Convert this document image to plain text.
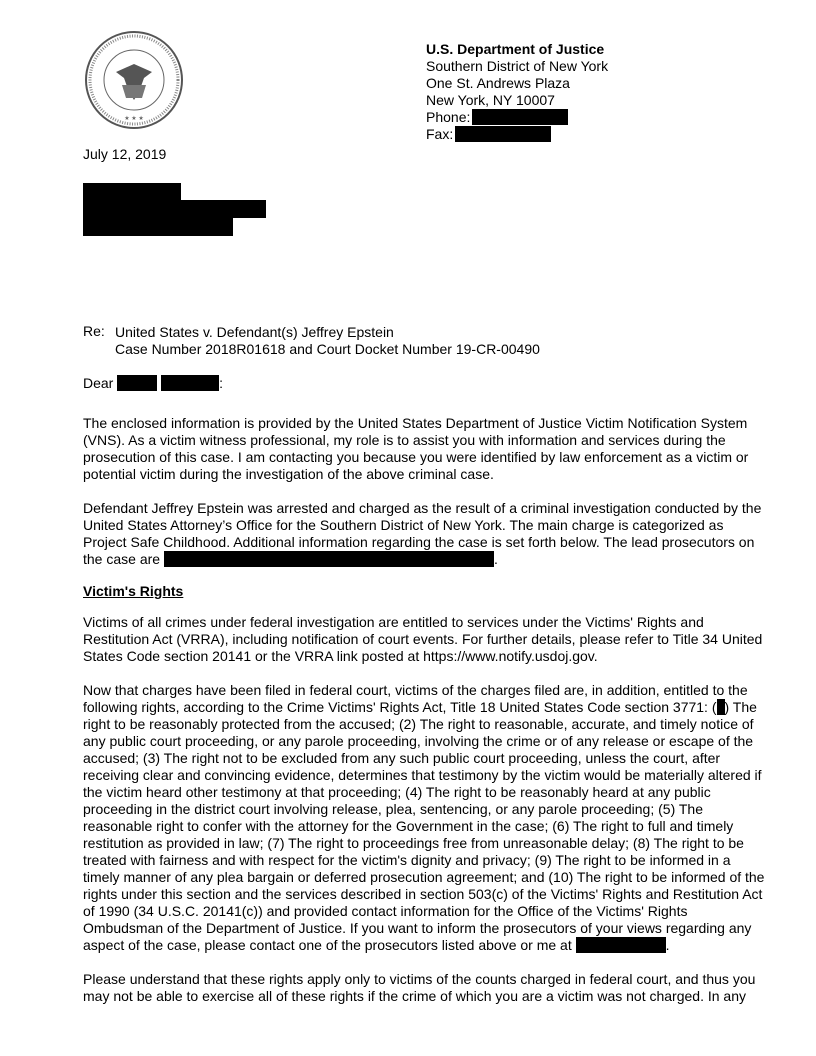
★ ★ ★
U.S. Department of Justice
Southern District of New York
One St. Andrews Plaza
New York, NY 10007
Phone:
Fax:
July 12, 2019
Re: United States v. Defendant(s) Jeffrey Epstein
Case Number 2018R01618 and Court Docket Number 19-CR-00490
Dear	:
The enclosed information is provided by the United States Department of Justice Victim Notification System
(VNS). As a victim witness professional, my role is to assist you with information and services during the
prosecution of this case. I am contacting you because you were identified by law enforcement as a victim or
potential victim during the investigation of the above criminal case.
Defendant Jeffrey Epstein was arrested and charged as the result of a criminal investigation conducted by the
United States Attorney’s Office for the Southern District of New York. The main charge is categorized as
Project Safe Childhood. Additional information regarding the case is set forth below. The lead prosecutors on
the case are	.
Victim's Rights
Victims of all crimes under federal investigation are entitled to services under the Victims' Rights and
Restitution Act (VRRA), including notification of court events. For further details, please refer to Title 34 United
States Code section 20141 or the VRRA link posted at https://www.notify.usdoj.gov.
Now that charges have been filed in federal court, victims of the charges filed are, in addition, entitled to the
following rights, according to the Crime Victims' Rights Act, Title 18 United States Code section 3771: ( ) The
right to be reasonably protected from the accused; (2) The right to reasonable, accurate, and timely notice of
any public court proceeding, or any parole proceeding, involving the crime or of any release or escape of the
accused; (3) The right not to be excluded from any such public court proceeding, unless the court, after
receiving clear and convincing evidence, determines that testimony by the victim would be materially altered if
the victim heard other testimony at that proceeding; (4) The right to be reasonably heard at any public
proceeding in the district court involving release, plea, sentencing, or any parole proceeding; (5) The
reasonable right to confer with the attorney for the Government in the case; (6) The right to full and timely
restitution as provided in law; (7) The right to proceedings free from unreasonable delay; (8) The right to be
treated with fairness and with respect for the victim's dignity and privacy; (9) The right to be informed in a
timely manner of any plea bargain or deferred prosecution agreement; and (10) The right to be informed of the
rights under this section and the services described in section 503(c) of the Victims' Rights and Restitution Act
of 1990 (34 U.S.C. 20141(c)) and provided contact information for the Office of the Victims' Rights
Ombudsman of the Department of Justice. If you want to inform the prosecutors of your views regarding any
aspect of the case, please contact one of the prosecutors listed above or me at	.
Please understand that these rights apply only to victims of the counts charged in federal court, and thus you
may not be able to exercise all of these rights if the crime of which you are a victim was not charged. In any
